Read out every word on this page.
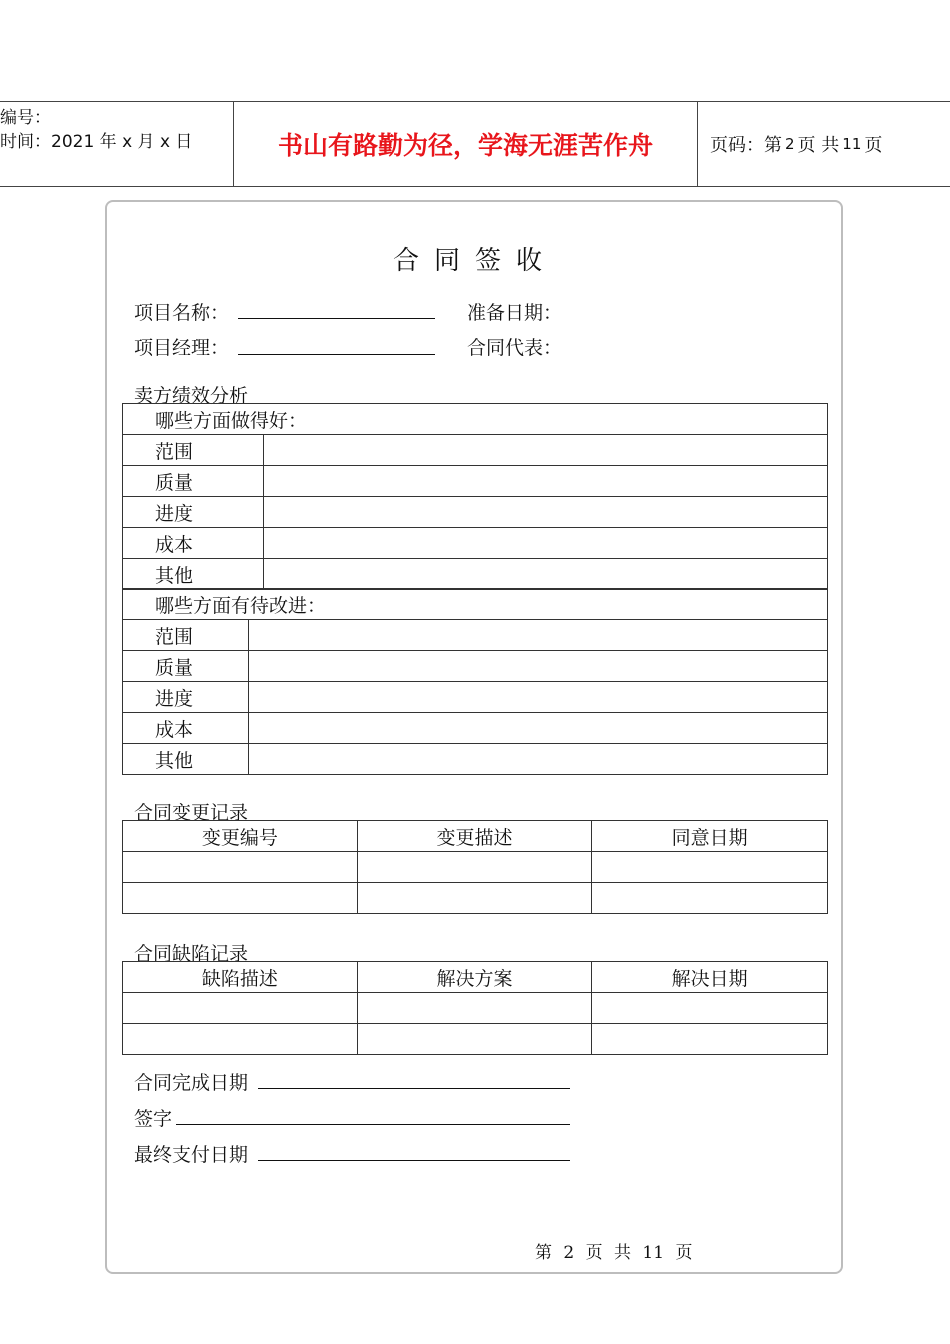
编号：
时间：2021 年 x 月 x 日	书山有路勤为径，学海无涯苦作舟	页码：第 2 页 共 11 页
合同签收
项目名称：	准备日期：
项目经理：	合同代表：
卖方绩效分析
哪些方面做得好：	
范围	
质量	
进度	
成本	
其他	
哪些方面有待改进：	
范围	
质量	
进度	
成本	
其他	
合同变更记录
变更编号	变更描述	同意日期

合同缺陷记录
缺陷描述	解决方案	解决日期

合同完成日期
签字
最终支付日期
第 2 页 共 11 页
